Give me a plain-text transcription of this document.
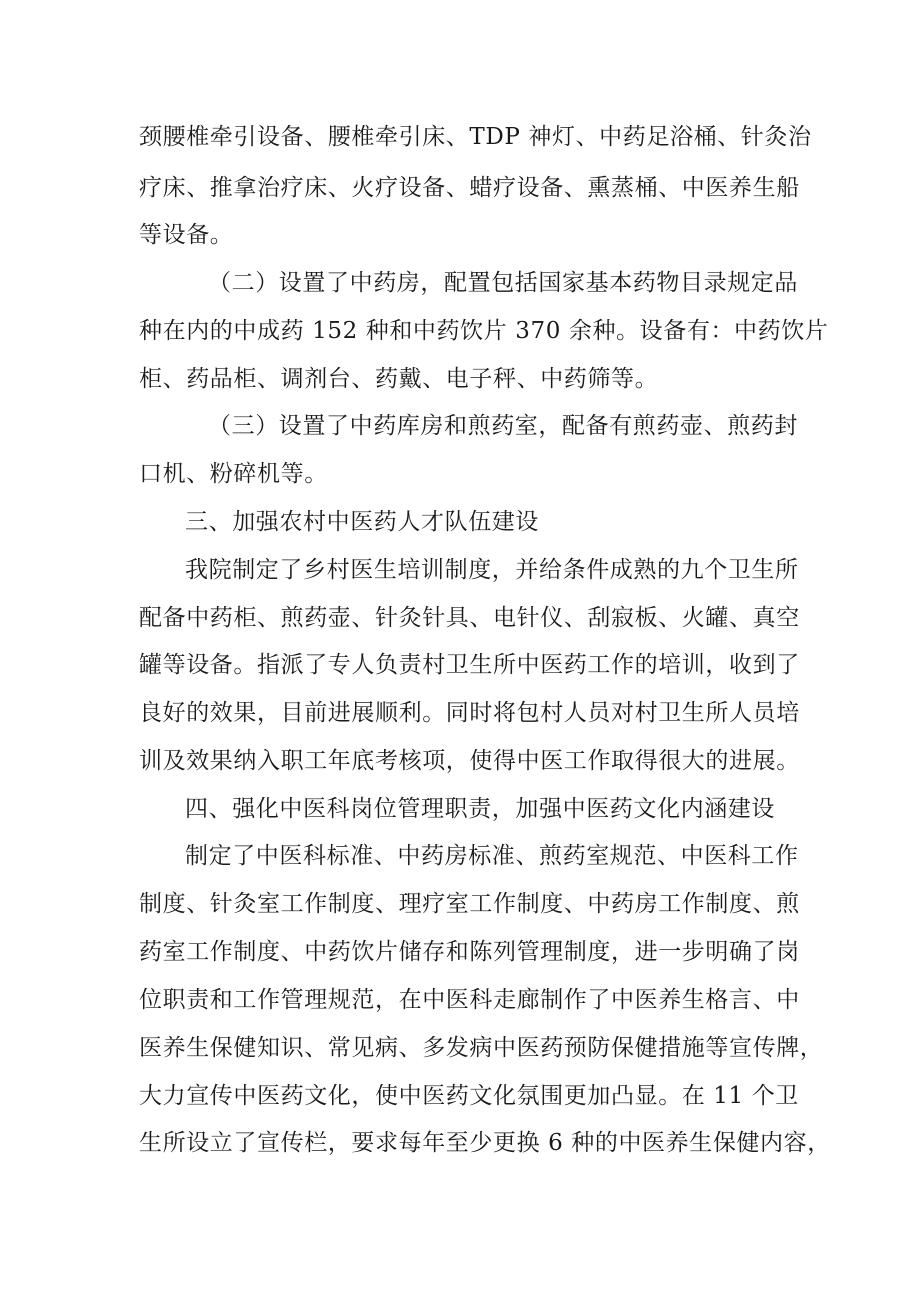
颈腰椎牵引设备、腰椎牵引床、TDP 神灯、中药足浴桶、针灸治
疗床、推拿治疗床、火疗设备、蜡疗设备、熏蒸桶、中医养生船
等设备。
（二）设置了中药房，配置包括国家基本药物目录规定品
种在内的中成药 152 种和中药饮片 370 余种。设备有：中药饮片
柜、药品柜、调剂台、药戴、电子秤、中药筛等。
（三）设置了中药库房和煎药室，配备有煎药壶、煎药封
口机、粉碎机等。
三、加强农村中医药人才队伍建设
我院制定了乡村医生培训制度，并给条件成熟的九个卫生所
配备中药柜、煎药壶、针灸针具、电针仪、刮寂板、火罐、真空
罐等设备。指派了专人负责村卫生所中医药工作的培训，收到了
良好的效果，目前进展顺利。同时将包村人员对村卫生所人员培
训及效果纳入职工年底考核项，使得中医工作取得很大的进展。
四、强化中医科岗位管理职责，加强中医药文化内涵建设
制定了中医科标准、中药房标准、煎药室规范、中医科工作
制度、针灸室工作制度、理疗室工作制度、中药房工作制度、煎
药室工作制度、中药饮片储存和陈列管理制度，进一步明确了岗
位职责和工作管理规范，在中医科走廊制作了中医养生格言、中
医养生保健知识、常见病、多发病中医药预防保健措施等宣传牌，
大力宣传中医药文化，使中医药文化氛围更加凸显。在 11 个卫
生所设立了宣传栏，要求每年至少更换 6 种的中医养生保健内容，
